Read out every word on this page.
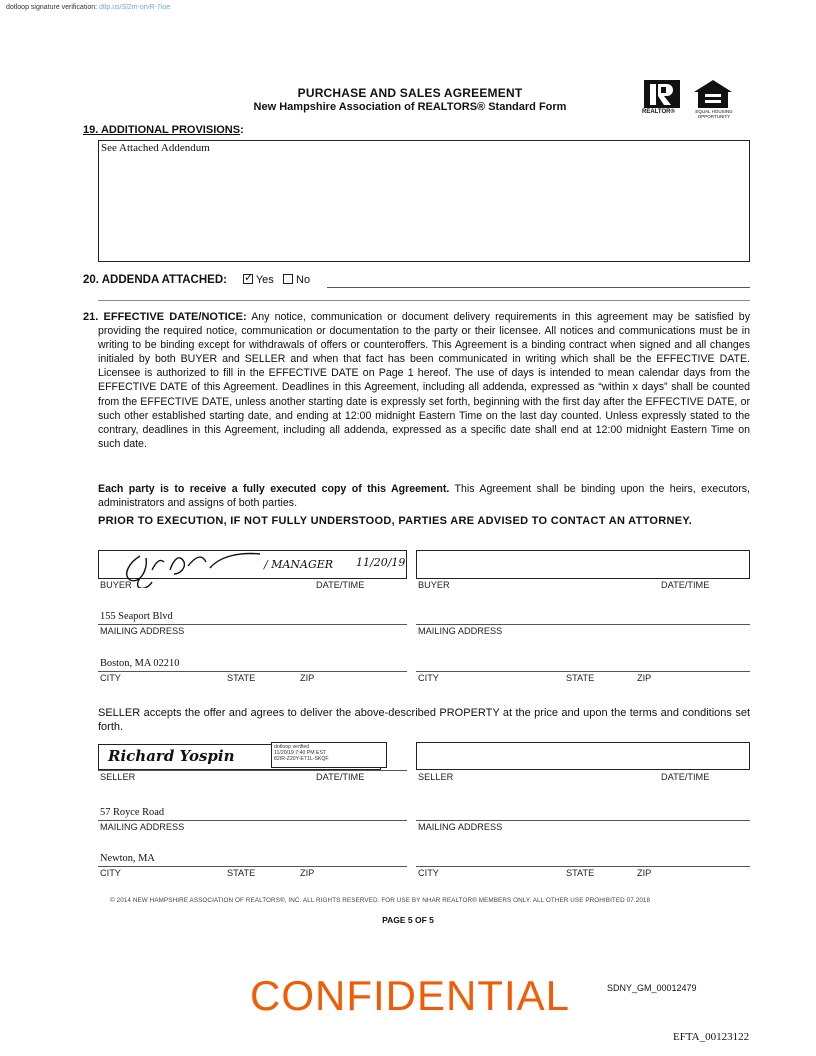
dotloop signature verification: dtlp.us/Sl2m-orvR-7ioe
PURCHASE AND SALES AGREEMENT
New Hampshire Association of REALTORS® Standard Form	REALTOR®	EQUAL HOUSING OPPORTUNITY
19. ADDITIONAL PROVISIONS:
See Attached Addendum
20. ADDENDA ATTACHED: ✓ Yes No
21. EFFECTIVE DATE/NOTICE: Any notice, communication or document delivery requirements in this agreement may be satisfied by providing the required notice, communication or documentation to the party or their licensee. All notices and communications must be in writing to be binding except for withdrawals of offers or counteroffers. This Agreement is a binding contract when signed and all changes initialed by both BUYER and SELLER and when that fact has been communicated in writing which shall be the EFFECTIVE DATE. Licensee is authorized to fill in the EFFECTIVE DATE on Page 1 hereof. The use of days is intended to mean calendar days from the EFFECTIVE DATE of this Agreement. Deadlines in this Agreement, including all addenda, expressed as “within x days” shall be counted from the EFFECTIVE DATE, unless another starting date is expressly set forth, beginning with the first day after the EFFECTIVE DATE, or such other established starting date, and ending at 12:00 midnight Eastern Time on the last day counted. Unless expressly stated to the contrary, deadlines in this Agreement, including all addenda, expressed as a specific date shall end at 12:00 midnight Eastern Time on such date.
Each party is to receive a fully executed copy of this Agreement. This Agreement shall be binding upon the heirs, executors, administrators and assigns of both parties.
PRIOR TO EXECUTION, IF NOT FULLY UNDERSTOOD, PARTIES ARE ADVISED TO CONTACT AN ATTORNEY.
/ MANAGER 11/20/19
BUYER	DATE/TIME	BUYER	DATE/TIME
155 Seaport Blvd
MAILING ADDRESS	MAILING ADDRESS
Boston, MA 02210
CITY	STATE	ZIP	CITY	STATE	ZIP
SELLER accepts the offer and agrees to deliver the above-described PROPERTY at the price and upon the terms and conditions set forth.
Richard Yospin	dotloop verified
11/20/19 7:40 PM EST
82IR-Z20Y-ET1L-SKQF
SELLER	DATE/TIME	SELLER	DATE/TIME
57 Royce Road
MAILING ADDRESS	MAILING ADDRESS
Newton, MA
CITY	STATE	ZIP	CITY	STATE	ZIP
© 2014 NEW HAMPSHIRE ASSOCIATION OF REALTORS®, INC. ALL RIGHTS RESERVED. FOR USE BY NHAR REALTOR® MEMBERS ONLY. ALL OTHER USE PROHIBITED 07.2018
PAGE 5 OF 5
CONFIDENTIAL	SDNY_GM_00012479
EFTA_00123122
